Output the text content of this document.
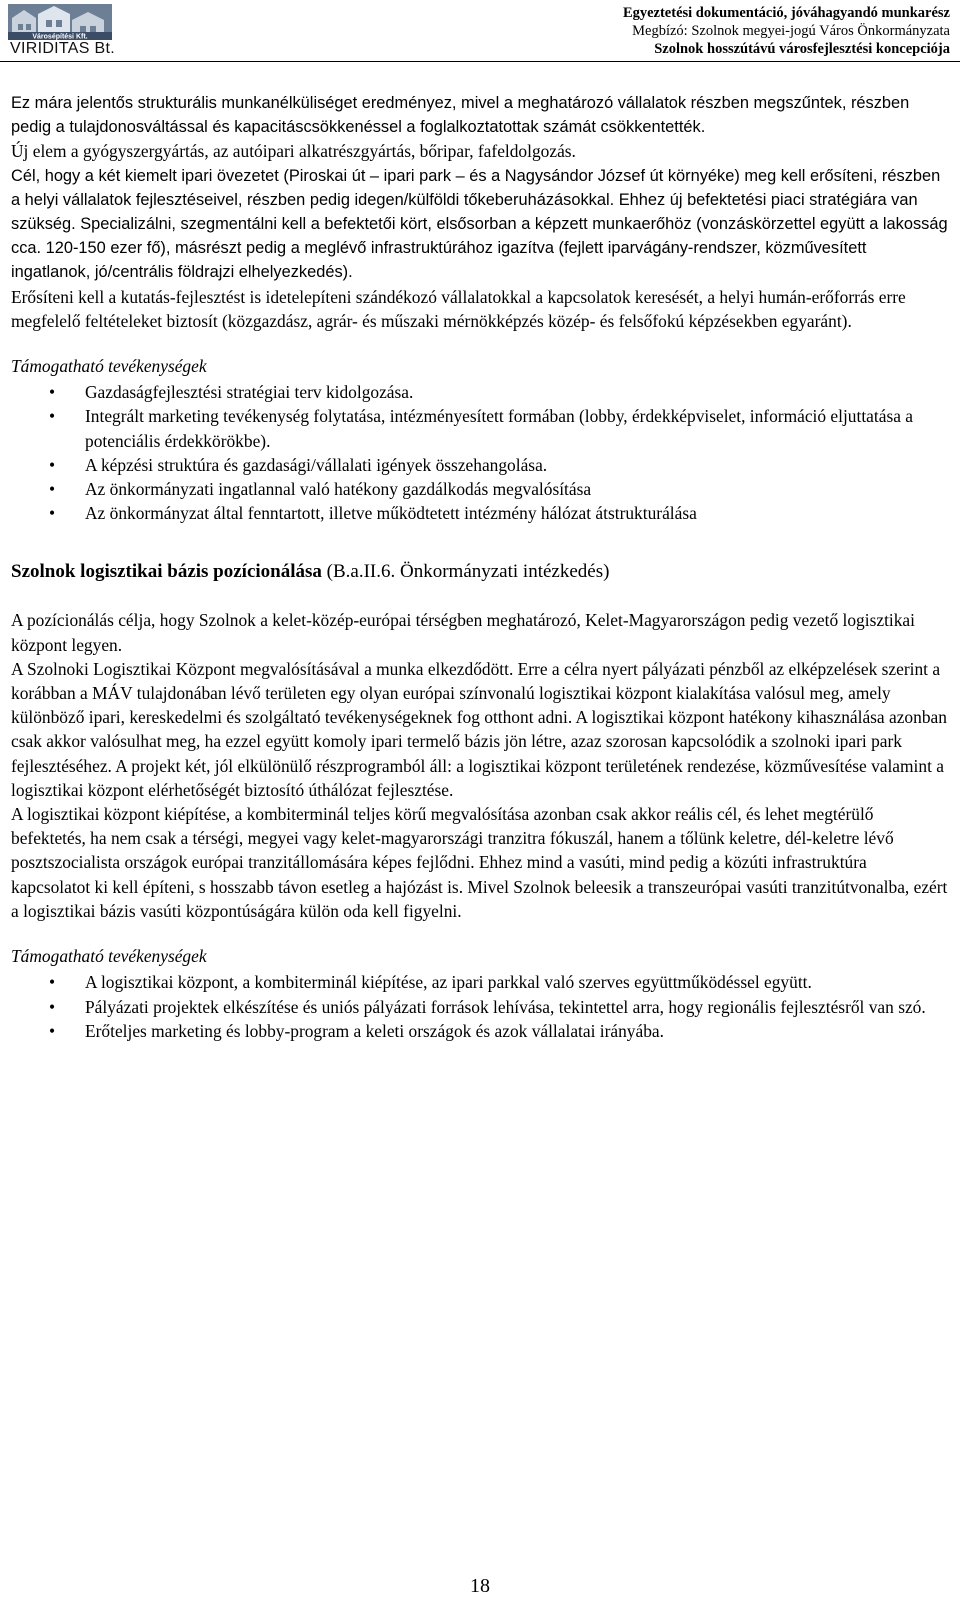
Városépítési Kft.
VIRIDITAS Bt.
Egyeztetési dokumentáció, jóváhagyandó munkarész
Megbízó: Szolnok megyei-jogú Város Önkormányzata
Szolnok hosszútávú városfejlesztési koncepciója

Ez mára jelentős strukturális munkanélküliséget eredményez, mivel a meghatározó vállalatok részben megszűntek, részben pedig a tulajdonosváltással és kapacitáscsökkenéssel a foglalkoztatottak számát csökkentették.

Új elem a gyógyszergyártás, az autóipari alkatrészgyártás, bőripar, fafeldolgozás.

Cél, hogy a két kiemelt ipari övezetet (Piroskai út – ipari park – és a Nagysándor József út környéke) meg kell erősíteni, részben a helyi vállalatok fejlesztéseivel, részben pedig idegen/külföldi tőkeberuházásokkal. Ehhez új befektetési piaci stratégiára van szükség. Specializálni, szegmentálni kell a befektetői kört, elsősorban a képzett munkaerőhöz (vonzáskörzettel együtt a lakosság cca. 120-150 ezer fő), másrészt pedig a meglévő infrastruktúrához igazítva (fejlett iparvágány-rendszer, közművesített ingatlanok, jó/centrális földrajzi elhelyezkedés).

Erősíteni kell a kutatás-fejlesztést is idetelepíteni szándékozó vállalatokkal a kapcsolatok keresését, a helyi humán-erőforrás erre megfelelő feltételeket biztosít (közgazdász, agrár- és műszaki mérnökképzés közép- és felsőfokú képzésekben egyaránt).

Támogatható tevékenységek

• Gazdaságfejlesztési stratégiai terv kidolgozása.
• Integrált marketing tevékenység folytatása, intézményesített formában (lobby, érdekképviselet, információ eljuttatása a potenciális érdekkörökbe).
• A képzési struktúra és gazdasági/vállalati igények összehangolása.
• Az önkormányzati ingatlannal való hatékony gazdálkodás megvalósítása
• Az önkormányzat által fenntartott, illetve működtetett intézmény hálózat átstrukturálása

Szolnok logisztikai bázis pozícionálása (B.a.II.6. Önkormányzati intézkedés)

A pozícionálás célja, hogy Szolnok a kelet-közép-európai térségben meghatározó, Kelet-Magyarországon pedig vezető logisztikai központ legyen.

A Szolnoki Logisztikai Központ megvalósításával a munka elkezdődött. Erre a célra nyert pályázati pénzből az elképzelések szerint a korábban a MÁV tulajdonában lévő területen egy olyan európai színvonalú logisztikai központ kialakítása valósul meg, amely különböző ipari, kereskedelmi és szolgáltató tevékenységeknek fog otthont adni. A logisztikai központ hatékony kihasználása azonban csak akkor valósulhat meg, ha ezzel együtt komoly ipari termelő bázis jön létre, azaz szorosan kapcsolódik a szolnoki ipari park fejlesztéséhez. A projekt két, jól elkülönülő részprogramból áll: a logisztikai központ területének rendezése, közművesítése valamint a logisztikai központ elérhetőségét biztosító úthálózat fejlesztése.

A logisztikai központ kiépítése, a kombiterminál teljes körű megvalósítása azonban csak akkor reális cél, és lehet megtérülő befektetés, ha nem csak a térségi, megyei vagy kelet-magyarországi tranzitra fókuszál, hanem a tőlünk keletre, dél-keletre lévő posztszocialista országok európai tranzitállomására képes fejlődni. Ehhez mind a vasúti, mind pedig a közúti infrastruktúra kapcsolatot ki kell építeni, s hosszabb távon esetleg a hajózást is. Mivel Szolnok beleesik a transzeurópai vasúti tranzitútvonalba, ezért a logisztikai bázis vasúti központúságára külön oda kell figyelni.

Támogatható tevékenységek

• A logisztikai központ, a kombiterminál kiépítése, az ipari parkkal való szerves együttműködéssel együtt.
• Pályázati projektek elkészítése és uniós pályázati források lehívása, tekintettel arra, hogy regionális fejlesztésről van szó.
• Erőteljes marketing és lobby-program a keleti országok és azok vállalatai irányába.
18
